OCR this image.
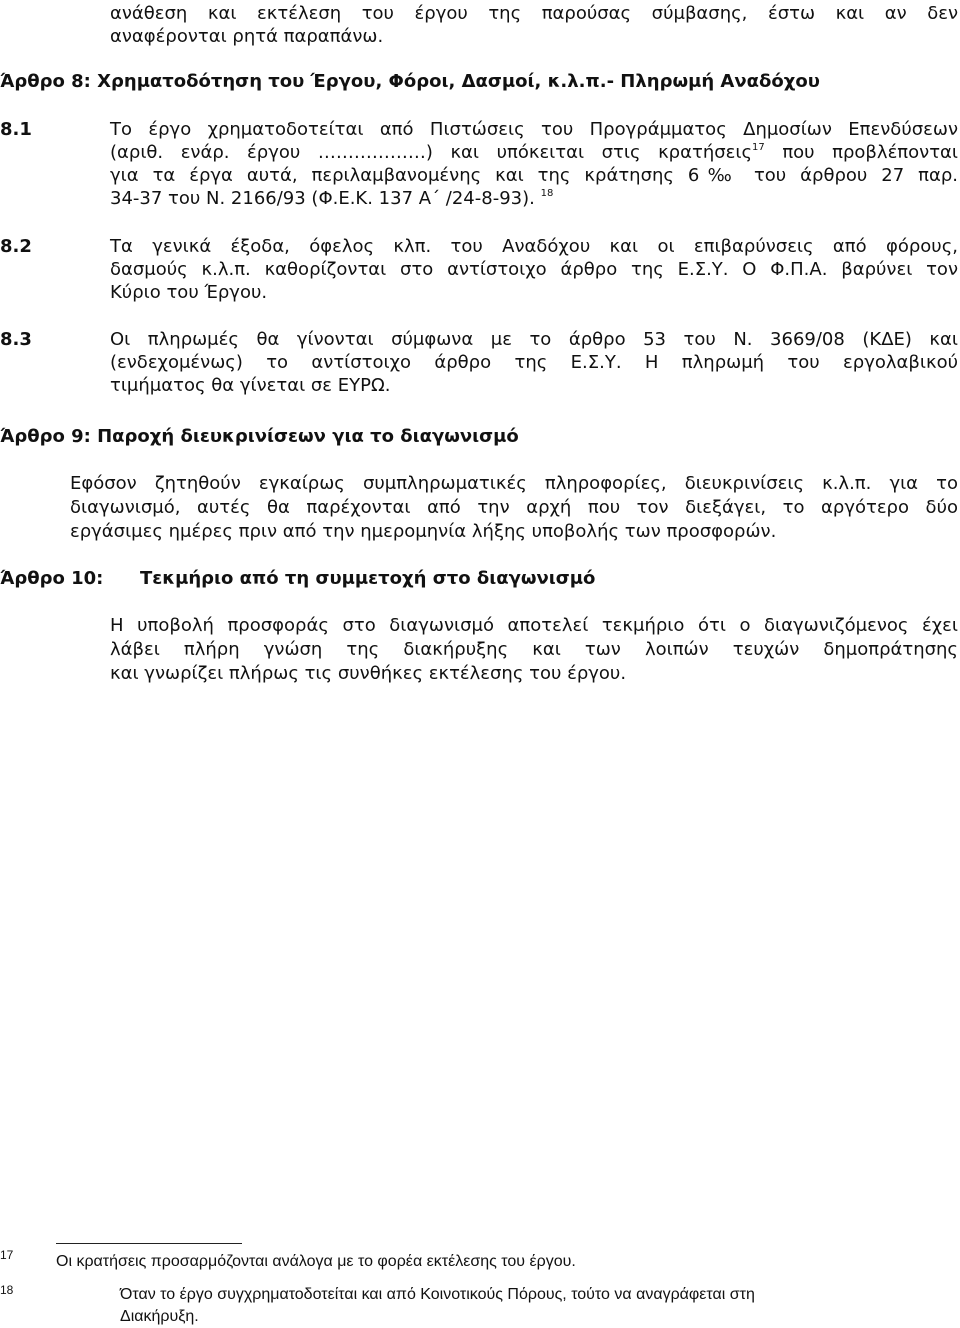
ανάθεση και εκτέλεση του έργου της παρούσας σύμβασης, έστω και αν δεν
αναφέρονται ρητά παραπάνω.
Άρθρο 8: Χρηματοδότηση του Έργου, Φόροι, Δασμοί, κ.λ.π.- Πληρωμή Αναδόχου
8.1	Το έργο χρηματοδοτείται από Πιστώσεις του Προγράμματος Δημοσίων Επενδύσεων
(αριθ. ενάρ. έργου ………………) και υπόκειται στις κρατήσεις$^{17}$ που προβλέπονται
για τα έργα αυτά, περιλαμβανομένης και της κράτησης 6‰ του άρθρου 27 παρ.
34-37 του Ν. 2166/93 (Φ.Ε.Κ. 137 Α΄ /24-8-93). $^{18}$
8.2	Τα γενικά έξοδα, όφελος κλπ. του Αναδόχου και οι επιβαρύνσεις από φόρους,
δασμούς κ.λ.π. καθορίζονται στο αντίστοιχο άρθρο της Ε.Σ.Υ. Ο Φ.Π.Α. βαρύνει τον
Κύριο του Έργου.
8.3	Οι πληρωμές θα γίνονται σύμφωνα με το άρθρο 53 του Ν. 3669/08 (ΚΔΕ) και
(ενδεχομένως) το αντίστοιχο άρθρο της Ε.Σ.Υ. Η πληρωμή του εργολαβικού
τιμήματος θα γίνεται σε ΕΥΡΩ.
Άρθρο 9: Παροχή διευκρινίσεων για το διαγωνισμό
Εφόσον ζητηθούν εγκαίρως συμπληρωματικές πληροφορίες, διευκρινίσεις κ.λ.π. για το
διαγωνισμό, αυτές θα παρέχονται από την αρχή που τον διεξάγει, το αργότερο δύο
εργάσιμες ημέρες πριν από την ημερομηνία λήξης υποβολής των προσφορών.
Άρθρο 10: Τεκμήριο από τη συμμετοχή στο διαγωνισμό
Η υποβολή προσφοράς στο διαγωνισμό αποτελεί τεκμήριο ότι ο διαγωνιζόμενος έχει
λάβει πλήρη γνώση της διακήρυξης και των λοιπών τευχών δημοπράτησης
και γνωρίζει πλήρως τις συνθήκες εκτέλεσης του έργου.
17	Οι κρατήσεις προσαρμόζονται ανάλογα με το φορέα εκτέλεσης του έργου.
18	Όταν το έργο συγχρηματοδοτείται και από Κοινοτικούς Πόρους, τούτο να αναγράφεται στη
Διακήρυξη.
